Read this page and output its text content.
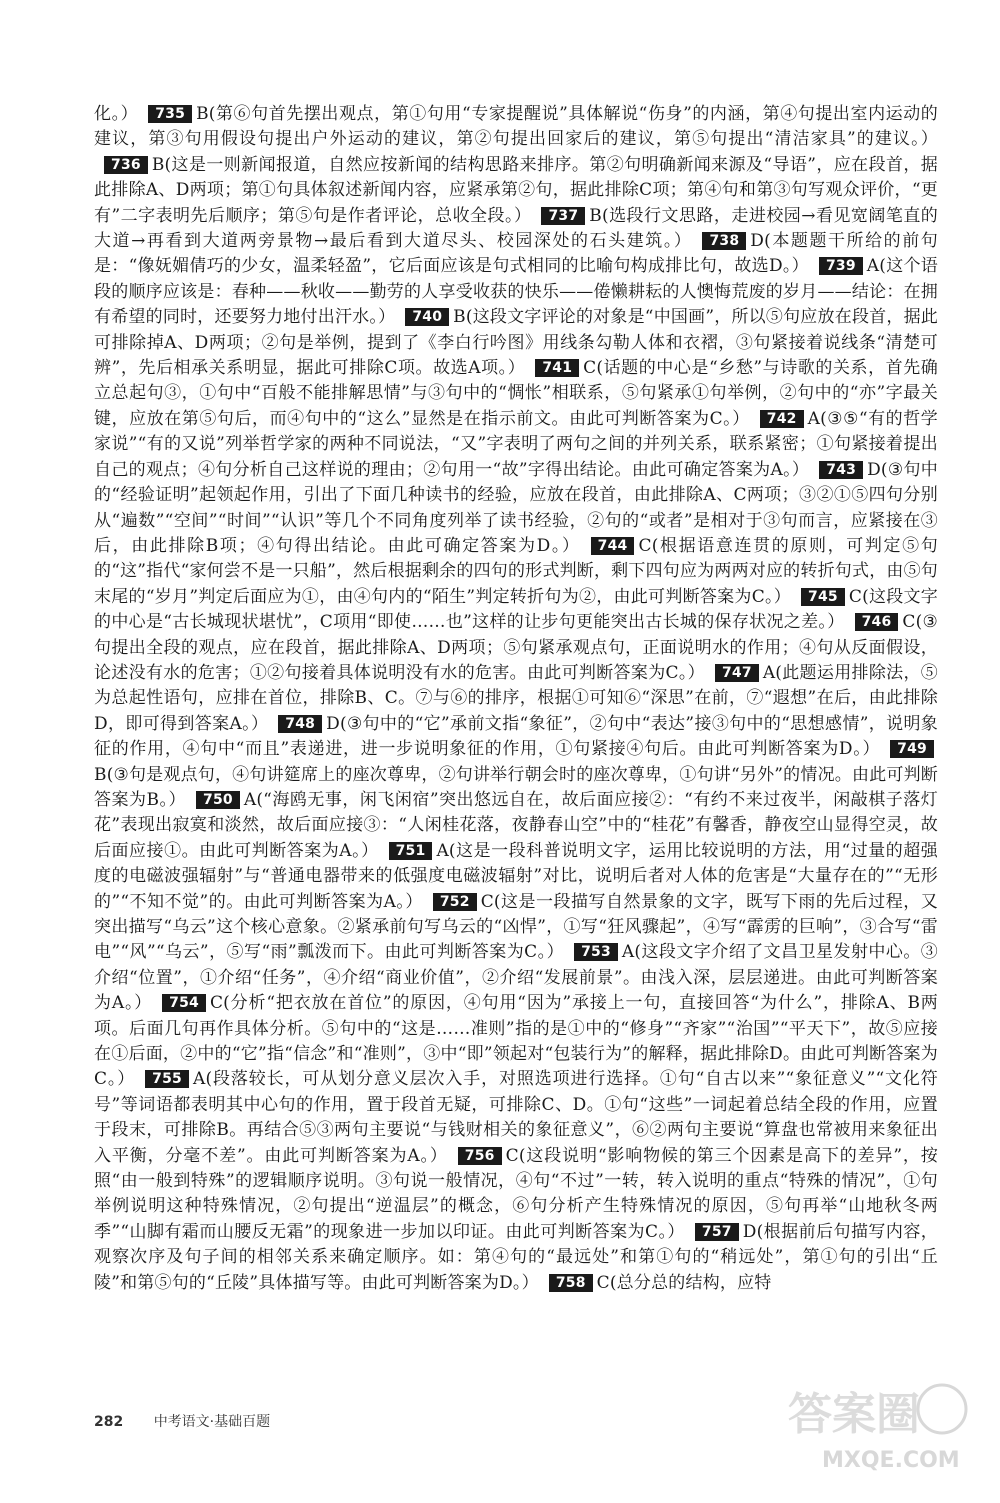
化。） 735 B(第⑥句首先摆出观点，第①句用“专家提醒说”具体解说“伤身”的内涵，第④句提出室内运动的建议，第③句用假设句提出户外运动的建议，第②句提出回家后的建议，第⑤句提出“清洁家具”的建议。）736 B(这是一则新闻报道，自然应按新闻的结构思路来排序。第②句明确新闻来源及“导语”，应在段首，据此排除A、D两项；第①句具体叙述新闻内容，应紧承第②句，据此排除C项；第④句和第③句写观众评价，“更有”二字表明先后顺序；第⑤句是作者评论，总收全段。） 737 B(选段行文思路，走进校园→看见宽阔笔直的大道→再看到大道两旁景物→最后看到大道尽头、校园深处的石头建筑。） 738 D(本题题干所给的前句是：“像妩媚倩巧的少女，温柔轻盈”，它后面应该是句式相同的比喻句构成排比句，故选D。） 739 A(这个语段的顺序应该是：春种——秋收——勤劳的人享受收获的快乐——倦懒耕耘的人懊悔荒废的岁月——结论：在拥有希望的同时，还要努力地付出汗水。） 740 B(这段文字评论的对象是“中国画”，所以⑤句应放在段首，据此可排除掉A、D两项；②句是举例，提到了《李白行吟图》用线条勾勒人体和衣褶，③句紧接着说线条“清楚可辨”，先后相承关系明显，据此可排除C项。故选A项。） 741 C(话题的中心是“乡愁”与诗歌的关系，首先确立总起句③，①句中“百般不能排解思情”与③句中的“惆怅”相联系，⑤句紧承①句举例，②句中的“亦”字最关键，应放在第⑤句后，而④句中的“这么”显然是在指示前文。由此可判断答案为C。） 742 A(③⑤“有的哲学家说”“有的又说”列举哲学家的两种不同说法，“又”字表明了两句之间的并列关系，联系紧密；①句紧接着提出自己的观点；④句分析自己这样说的理由；②句用一“故”字得出结论。由此可确定答案为A。） 743 D(③句中的“经验证明”起领起作用，引出了下面几种读书的经验，应放在段首，由此排除A、C两项；③②①⑤四句分别从“遍数”“空间”“时间”“认识”等几个不同角度列举了读书经验，②句的“或者”是相对于③句而言，应紧接在③后，由此排除B项；④句得出结论。由此可确定答案为D。） 744 C(根据语意连贯的原则，可判定⑤句的“这”指代“家何尝不是一只船”，然后根据剩余的四句的形式判断，剩下四句应为两两对应的转折句式，由⑤句末尾的“岁月”判定后面应为①，由④句内的“陌生”判定转折句为②，由此可判断答案为C。） 745 C(这段文字的中心是“古长城现状堪忧”，C项用“即使……也”这样的让步句更能突出古长城的保存状况之差。） 746 C(③句提出全段的观点，应在段首，据此排除A、D两项；⑤句紧承观点句，正面说明水的作用；④句从反面假设，论述没有水的危害；①②句接着具体说明没有水的危害。由此可判断答案为C。） 747 A(此题运用排除法，⑤为总起性语句，应排在首位，排除B、C。⑦与⑥的排序，根据①可知⑥“深思”在前，⑦“遐想”在后，由此排除D，即可得到答案A。） 748 D(③句中的“它”承前文指“象征”，②句中“表达”接③句中的“思想感情”，说明象征的作用，④句中“而且”表递进，进一步说明象征的作用，①句紧接④句后。由此可判断答案为D。） 749B(③句是观点句，④句讲筵席上的座次尊卑，②句讲举行朝会时的座次尊卑，①句讲“另外”的情况。由此可判断答案为B。） 750 A(“海鸥无事，闲飞闲宿”突出悠远自在，故后面应接②：“有约不来过夜半，闲敲棋子落灯花”表现出寂寞和淡然，故后面应接③：“人闲桂花落，夜静春山空”中的“桂花”有馨香，静夜空山显得空灵，故后面应接①。由此可判断答案为A。） 751 A(这是一段科普说明文字，运用比较说明的方法，用“过量的超强度的电磁波强辐射”与“普通电器带来的低强度电磁波辐射”对比，说明后者对人体的危害是“大量存在的”“无形的”“不知不觉”的。由此可判断答案为A。） 752 C(这是一段描写自然景象的文字，既写下雨的先后过程，又突出描写“乌云”这个核心意象。②紧承前句写乌云的“凶悍”，①写“狂风骤起”，④写“霹雳的巨响”，③合写“雷电”“风”“乌云”，⑤写“雨”瓢泼而下。由此可判断答案为C。） 753 A(这段文字介绍了文昌卫星发射中心。③介绍“位置”，①介绍“任务”，④介绍“商业价值”，②介绍“发展前景”。由浅入深，层层递进。由此可判断答案为A。） 754 C(分析“把衣放在首位”的原因，④句用“因为”承接上一句，直接回答“为什么”，排除A、B两项。后面几句再作具体分析。⑤句中的“这是……准则”指的是①中的“修身”“齐家”“治国”“平天下”，故⑤应接在①后面，②中的“它”指“信念”和“准则”，③中“即”领起对“包装行为”的解释，据此排除D。由此可判断答案为C。） 755 A(段落较长，可从划分意义层次入手，对照选项进行选择。①句“自古以来”“象征意义”“文化符号”等词语都表明其中心句的作用，置于段首无疑，可排除C、D。①句“这些”一词起着总结全段的作用，应置于段末，可排除B。再结合⑤③两句主要说“与钱财相关的象征意义”，⑥②两句主要说“算盘也常被用来象征出入平衡，分毫不差”。由此可判断答案为A。） 756 C(这段说明“影响物候的第三个因素是高下的差异”，按照“由一般到特殊”的逻辑顺序说明。③句说一般情况，④句“不过”一转，转入说明的重点“特殊的情况”，①句举例说明这种特殊情况，②句提出“逆温层”的概念，⑥句分析产生特殊情况的原因，⑤句再举“山地秋冬两季”“山脚有霜而山腰反无霜”的现象进一步加以印证。由此可判断答案为C。） 757 D(根据前后句描写内容，观察次序及句子间的相邻关系来确定顺序。如：第④句的“最远处”和第①句的“稍远处”，第①句的引出“丘陵”和第⑤句的“丘陵”具体描写等。由此可判断答案为D。） 758 C(总分总的结构，应特

282 中考语文·基础百题	答案圈
MXQE.COM
